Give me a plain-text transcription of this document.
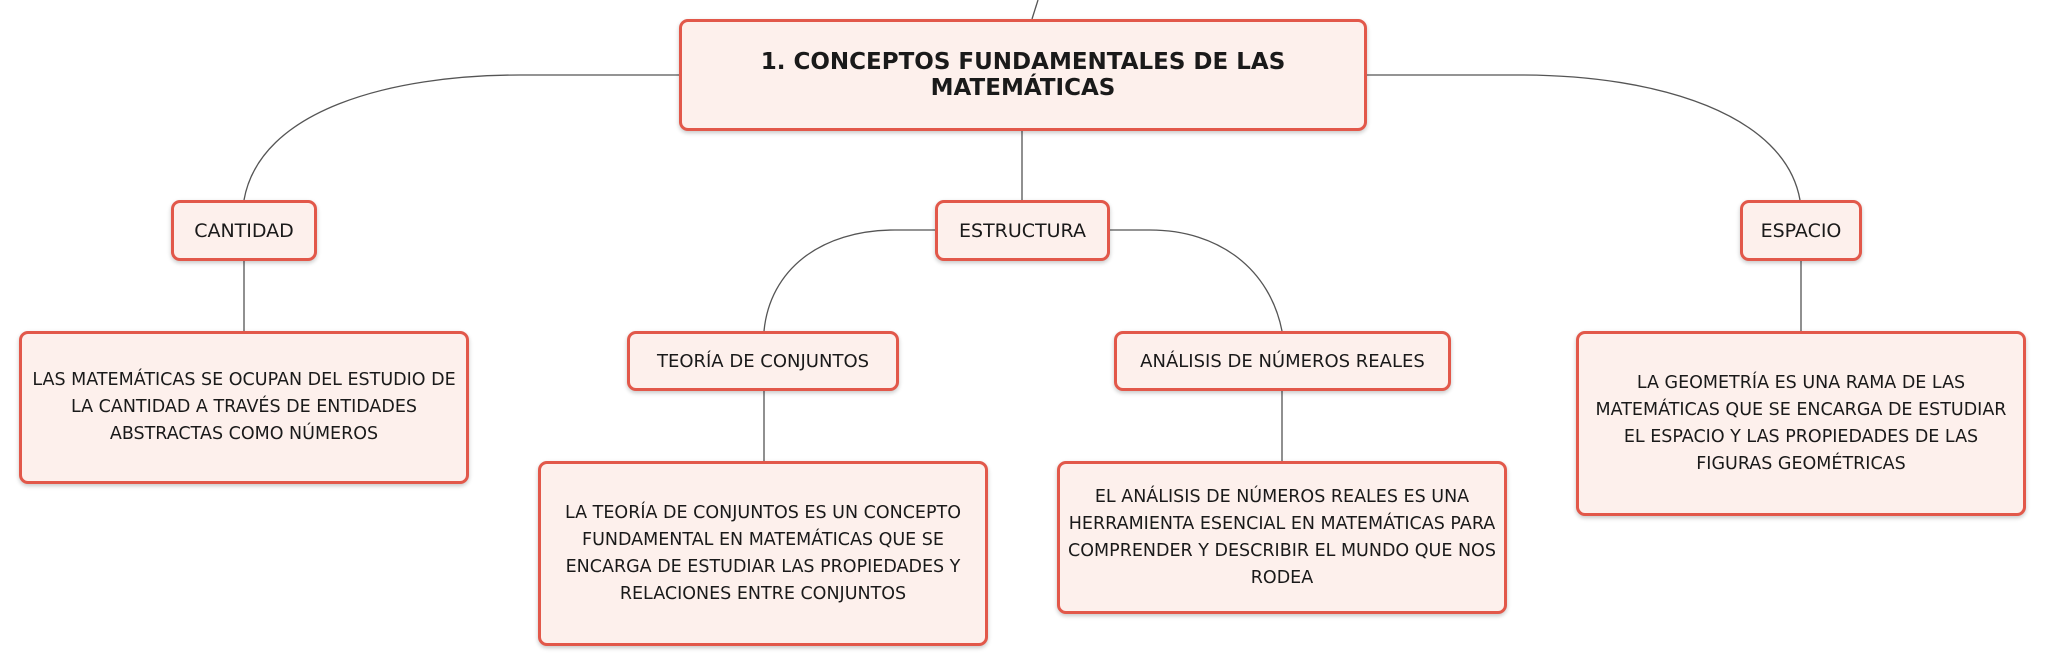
1. CONCEPTOS FUNDAMENTALES DE LAS MATEMÁTICAS
CANTIDAD	ESTRUCTURA	ESPACIO
TEORÍA DE CONJUNTOS	ANÁLISIS DE NÚMEROS REALES
LAS MATEMÁTICAS SE OCUPAN DEL ESTUDIO DE LA CANTIDAD A TRAVÉS DE ENTIDADES ABSTRACTAS COMO NÚMEROS
LA TEORÍA DE CONJUNTOS ES UN CONCEPTO FUNDAMENTAL EN MATEMÁTICAS QUE SE ENCARGA DE ESTUDIAR LAS PROPIEDADES Y RELACIONES ENTRE CONJUNTOS
EL ANÁLISIS DE NÚMEROS REALES ES UNA HERRAMIENTA ESENCIAL EN MATEMÁTICAS PARA COMPRENDER Y DESCRIBIR EL MUNDO QUE NOS RODEA
LA GEOMETRÍA ES UNA RAMA DE LAS MATEMÁTICAS QUE SE ENCARGA DE ESTUDIAR EL ESPACIO Y LAS PROPIEDADES DE LAS FIGURAS GEOMÉTRICAS
